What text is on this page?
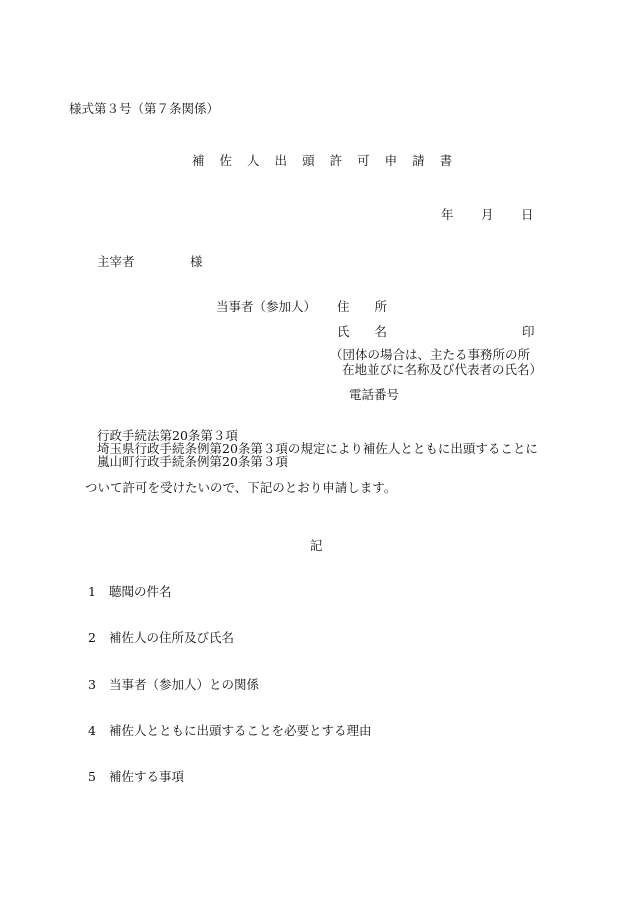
様式第３号（第７条関係）
補 佐 人 出 頭 許 可 申 請 書
年 月 日
主宰者	様
当事者（参加人） 住　　所
氏　　名	印
（団体の場合は、主たる事務所の所
在地並びに名称及び代表者の氏名）
電話番号
行政手続法第20条第３項
埼玉県行政手続条例第20条第３項の規定により補佐人とともに出頭することに
嵐山町行政手続条例第20条第３項
ついて許可を受けたいので、下記のとおり申請します。
記
1 聴聞の件名
2 補佐人の住所及び氏名
3 当事者（参加人）との関係
4 補佐人とともに出頭することを必要とする理由
5 補佐する事項
